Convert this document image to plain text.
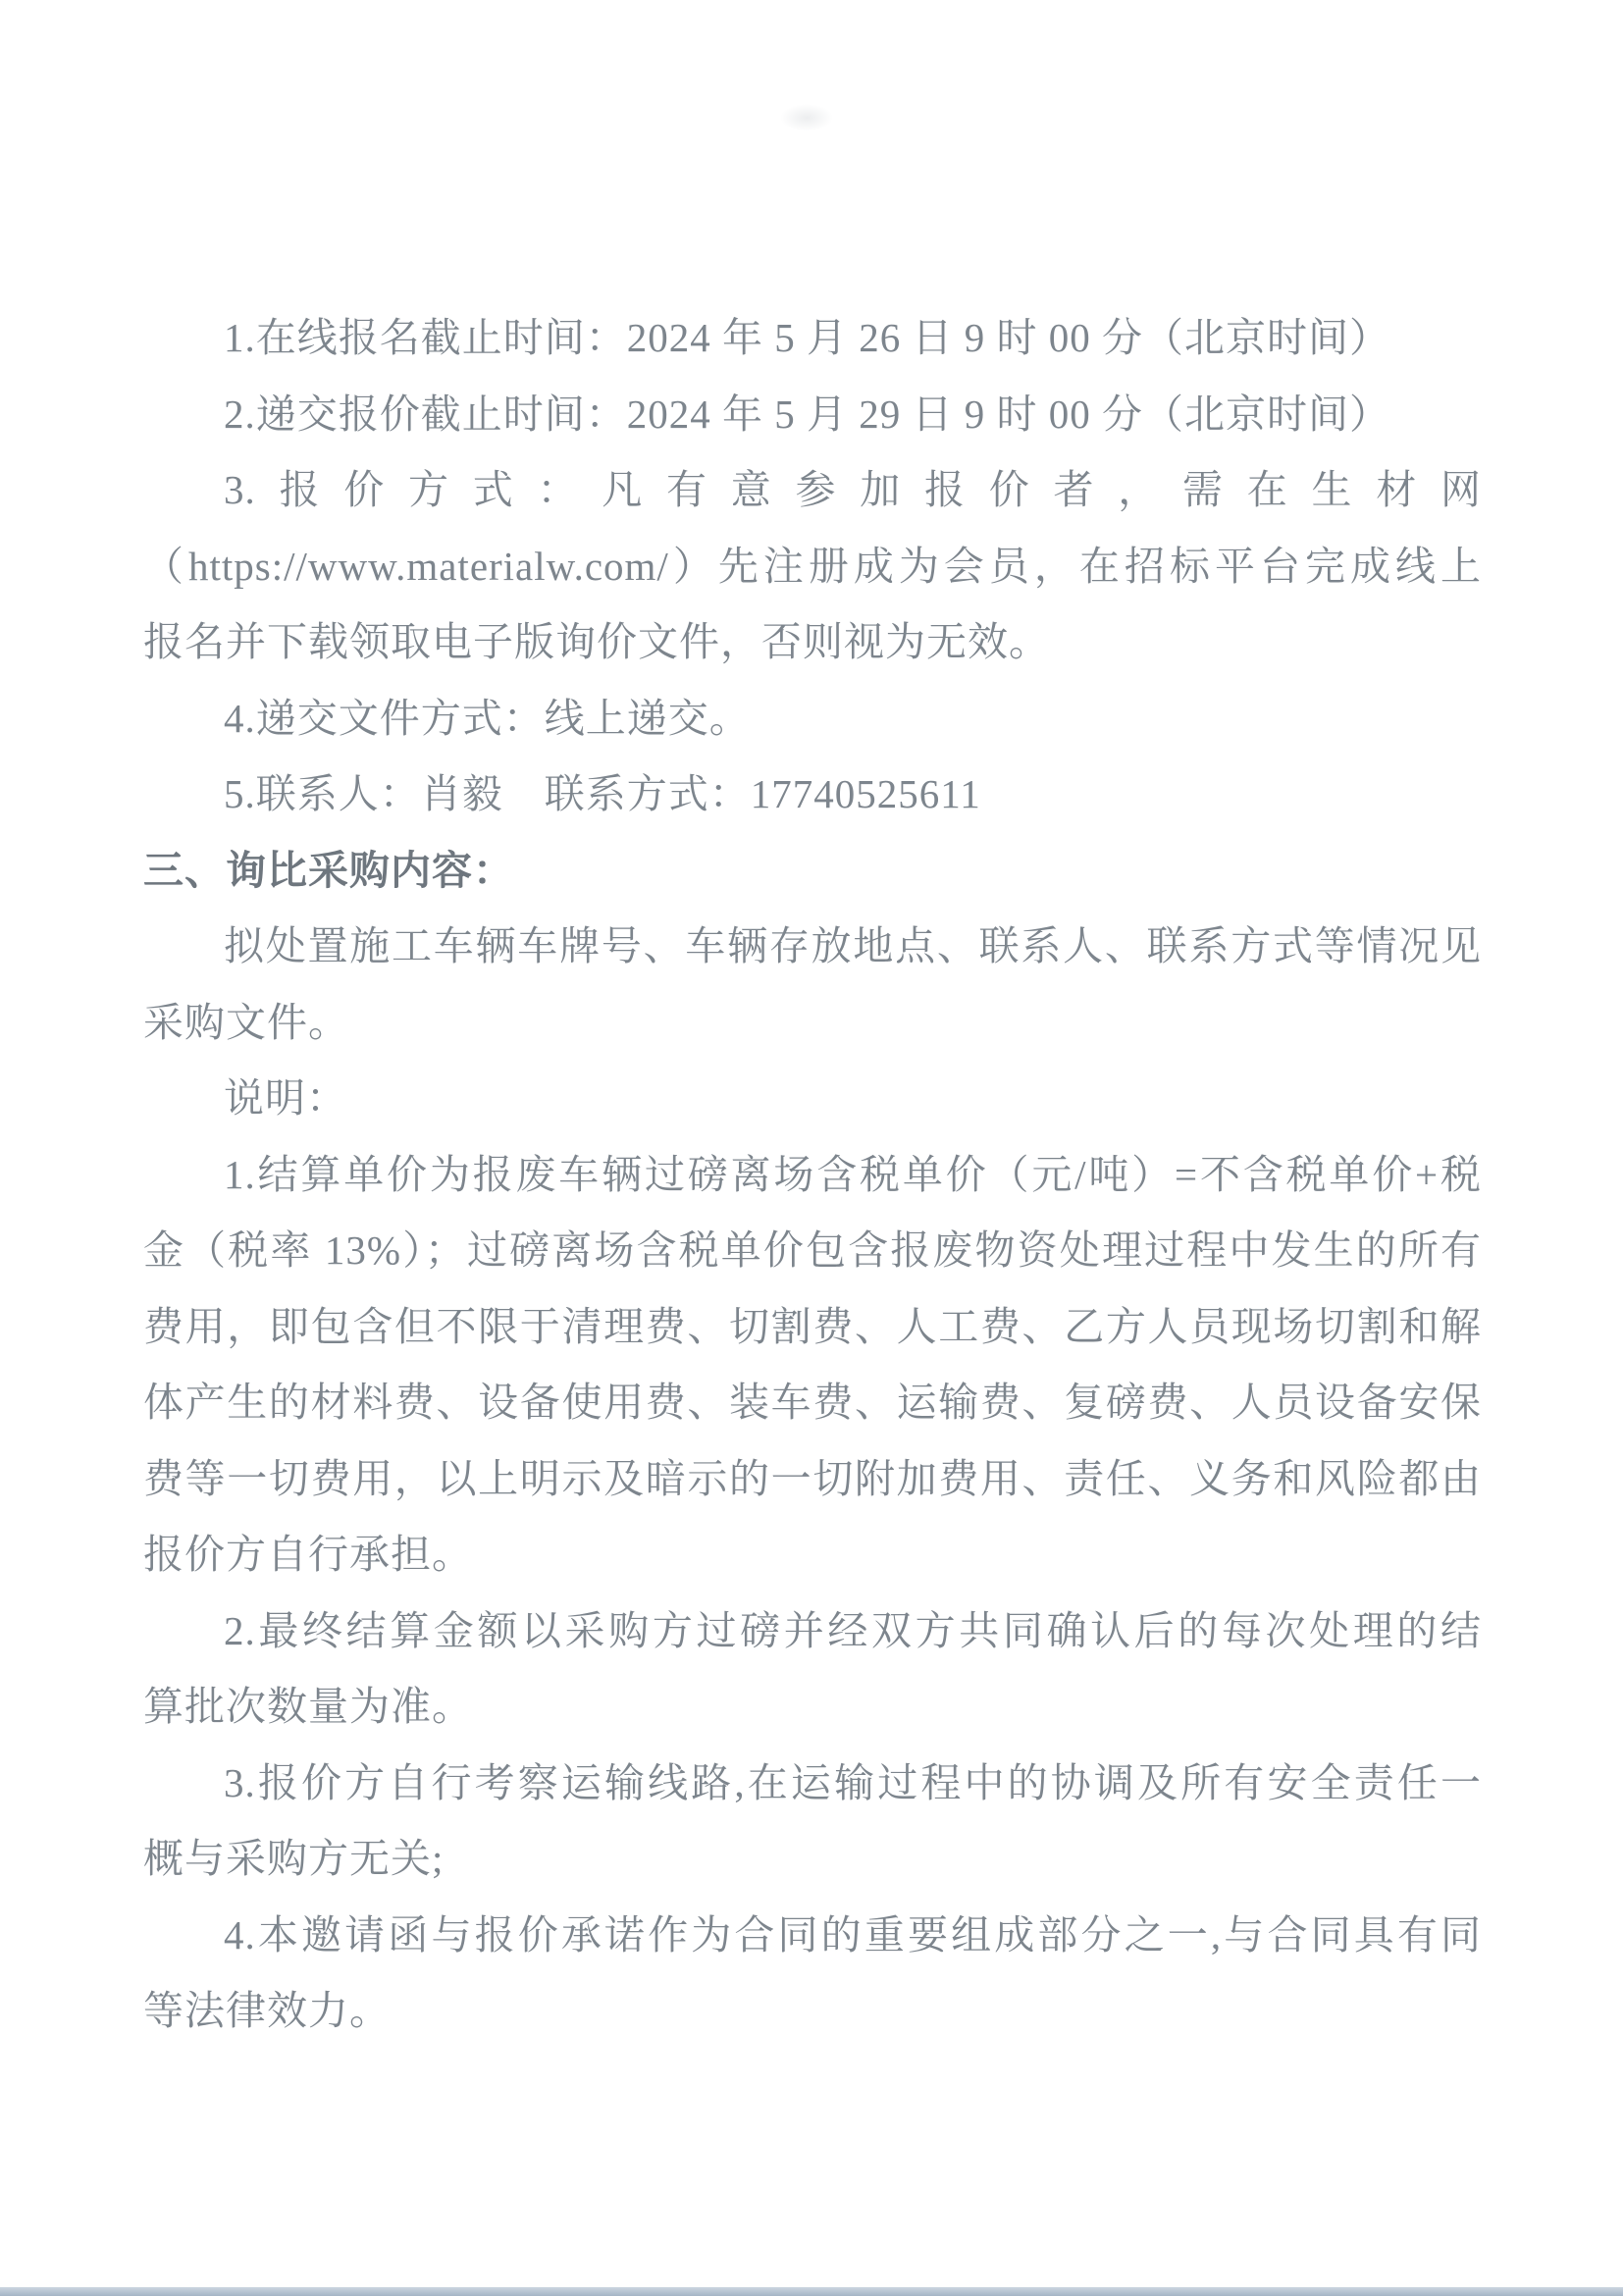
1.在线报名截止时间：2024 年 5 月 26 日 9 时 00 分（北京时间）
2.递交报价截止时间：2024 年 5 月 29 日 9 时 00 分（北京时间）
3.报价方式：凡有意参加报价者，需在生材网
（https://www.materialw.com/）先注册成为会员，在招标平台完成线上
报名并下载领取电子版询价文件，否则视为无效。
4.递交文件方式：线上递交。
5.联系人：肖毅　联系方式：17740525611
三、询比采购内容：
拟处置施工车辆车牌号、车辆存放地点、联系人、联系方式等情况见
采购文件。
说明：
1.结算单价为报废车辆过磅离场含税单价（元/吨）=不含税单价+税
金（税率 13%）；过磅离场含税单价包含报废物资处理过程中发生的所有
费用，即包含但不限于清理费、切割费、人工费、乙方人员现场切割和解
体产生的材料费、设备使用费、装车费、运输费、复磅费、人员设备安保
费等一切费用，以上明示及暗示的一切附加费用、责任、义务和风险都由
报价方自行承担。
2.最终结算金额以采购方过磅并经双方共同确认后的每次处理的结
算批次数量为准。
3.报价方自行考察运输线路,在运输过程中的协调及所有安全责任一
概与采购方无关;
4.本邀请函与报价承诺作为合同的重要组成部分之一,与合同具有同
等法律效力。
